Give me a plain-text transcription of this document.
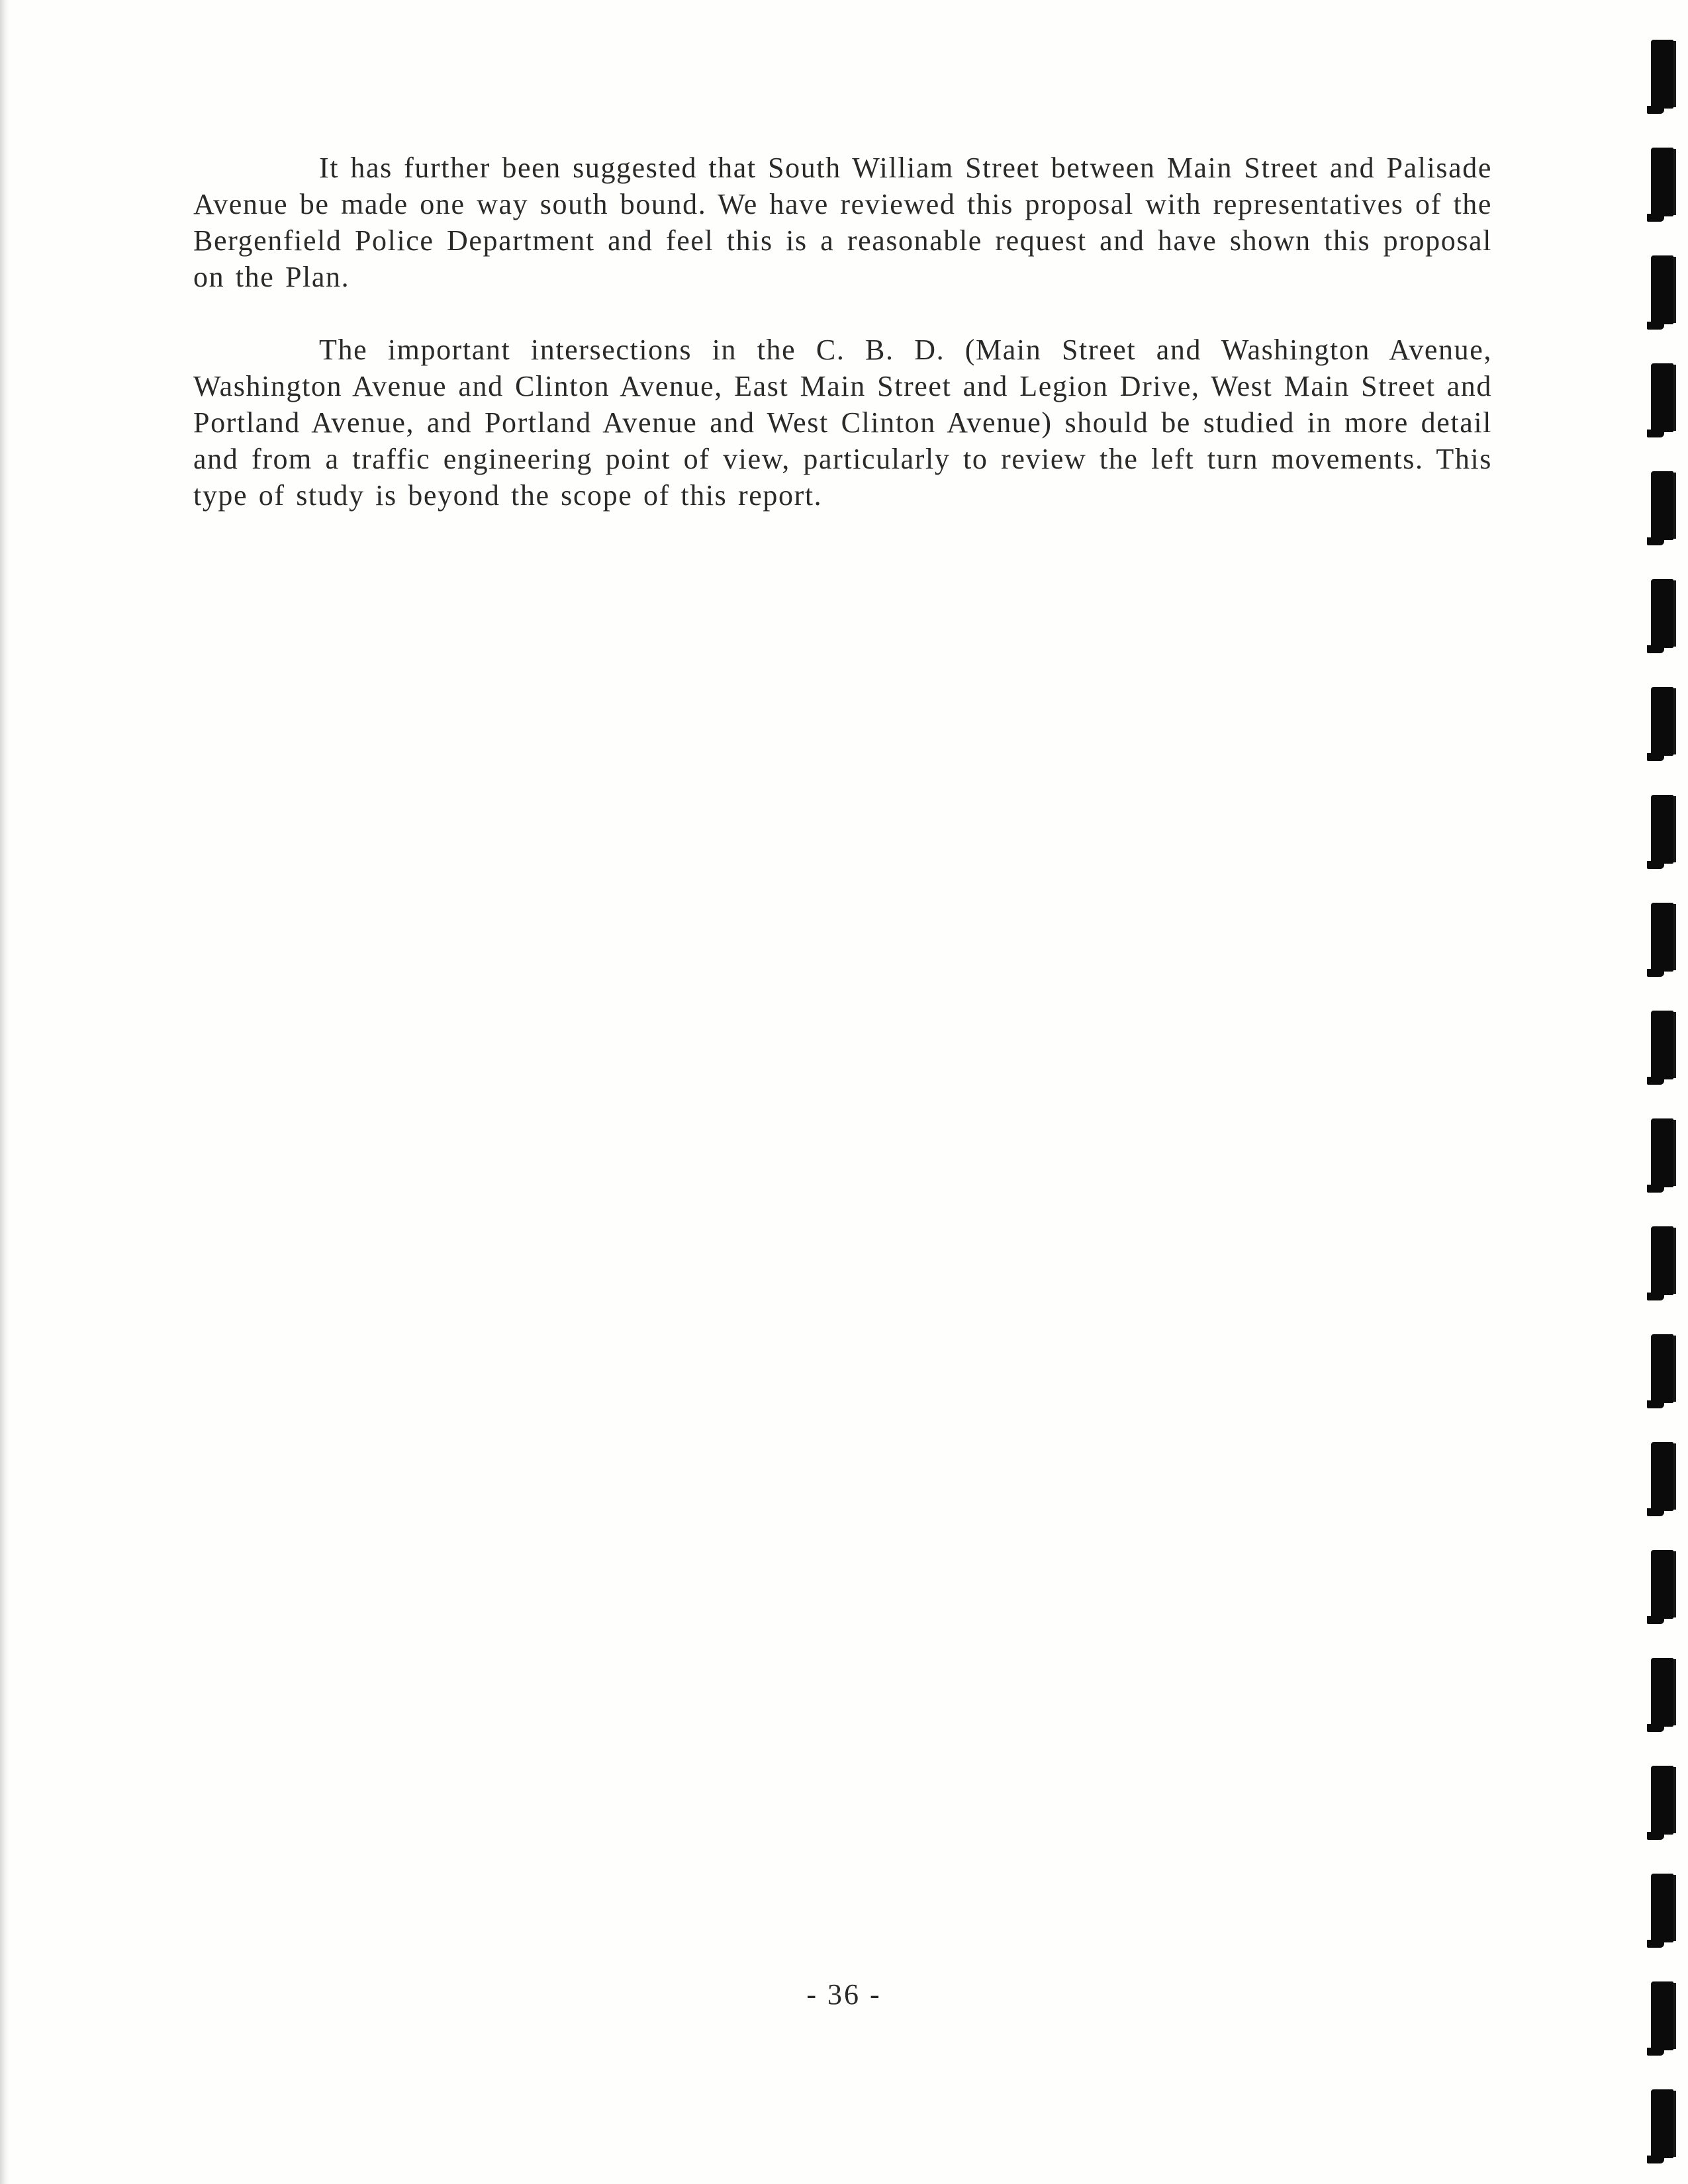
It has further been suggested that South William Street between Main Street and Palisade Avenue be made one way south bound. We have reviewed this proposal with representatives of the Bergenfield Police Department and feel this is a reasonable request and have shown this proposal on the Plan.

The important intersections in the C. B. D. (Main Street and Washington Avenue, Washington Avenue and Clinton Avenue, East Main Street and Legion Drive, West Main Street and Portland Avenue, and Portland Avenue and West Clinton Avenue) should be studied in more detail and from a traffic engineering point of view, particularly to review the left turn movements. This type of study is beyond the scope of this report.

- 36 -
